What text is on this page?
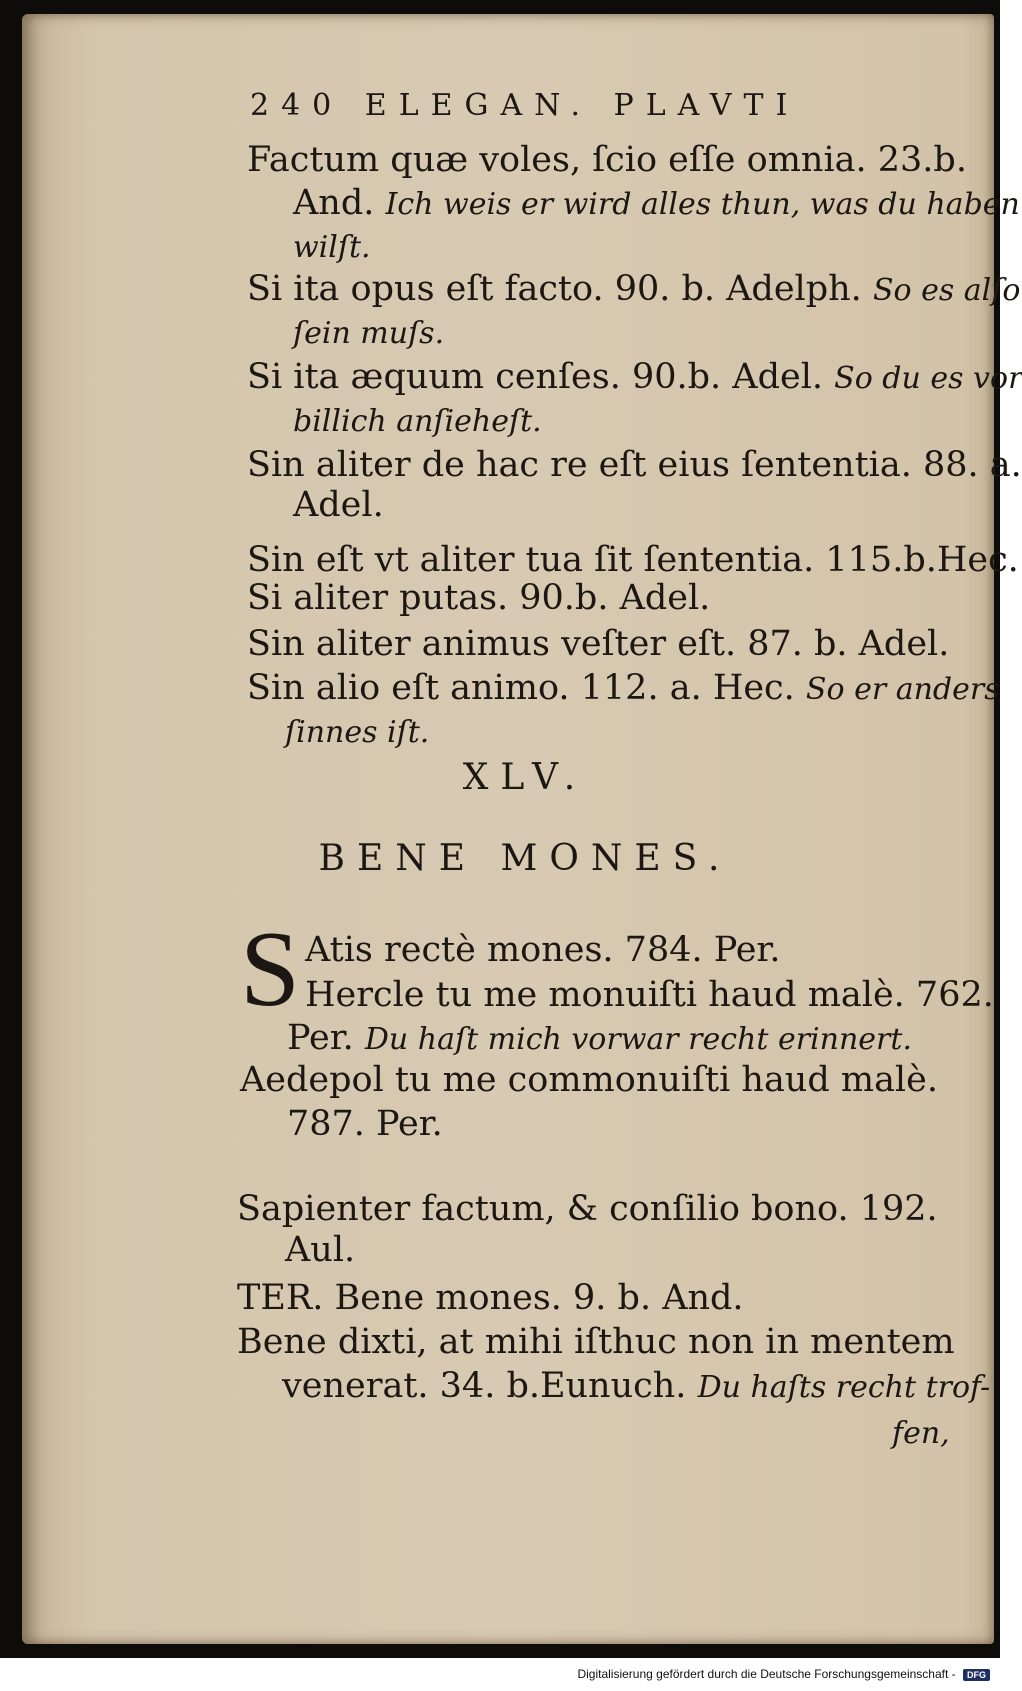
240 ELEGAN. PLAVTI
Factum quæ voles, ſcio eſſe omnia. 23.b.
And. Ich weis er wird alles thun, was du haben
wilſt.
Si ita opus eſt facto. 90. b. Adelph. So es alſo
ſein muſs.
Si ita æquum cenſes. 90.b. Adel. So du es vor
billich anſieheſt.
Sin aliter de hac re eſt eius ſententia. 88. a.
Adel.
Sin eſt vt aliter tua ſit ſententia. 115.b.Hec.
Si aliter putas. 90.b. Adel.
Sin aliter animus veſter eſt. 87. b. Adel.
Sin alio eſt animo. 112. a. Hec. So er anders
ſinnes iſt.
XLV.
BENE MONES.
S Atis rectè mones. 784. Per.
Hercle tu me monuiſti haud malè. 762.
Per. Du haſt mich vorwar recht erinnert.
Aedepol tu me commonuiſti haud malè.
787. Per.
Sapienter factum, & conſilio bono. 192.
Aul.
TER. Bene mones. 9. b. And.
Bene dixti, at mihi iſthuc non in mentem
venerat. 34. b.Eunuch. Du haſts recht trof-
fen,
Digitalisierung gefördert durch die Deutsche Forschungsgemeinschaft - DFG
